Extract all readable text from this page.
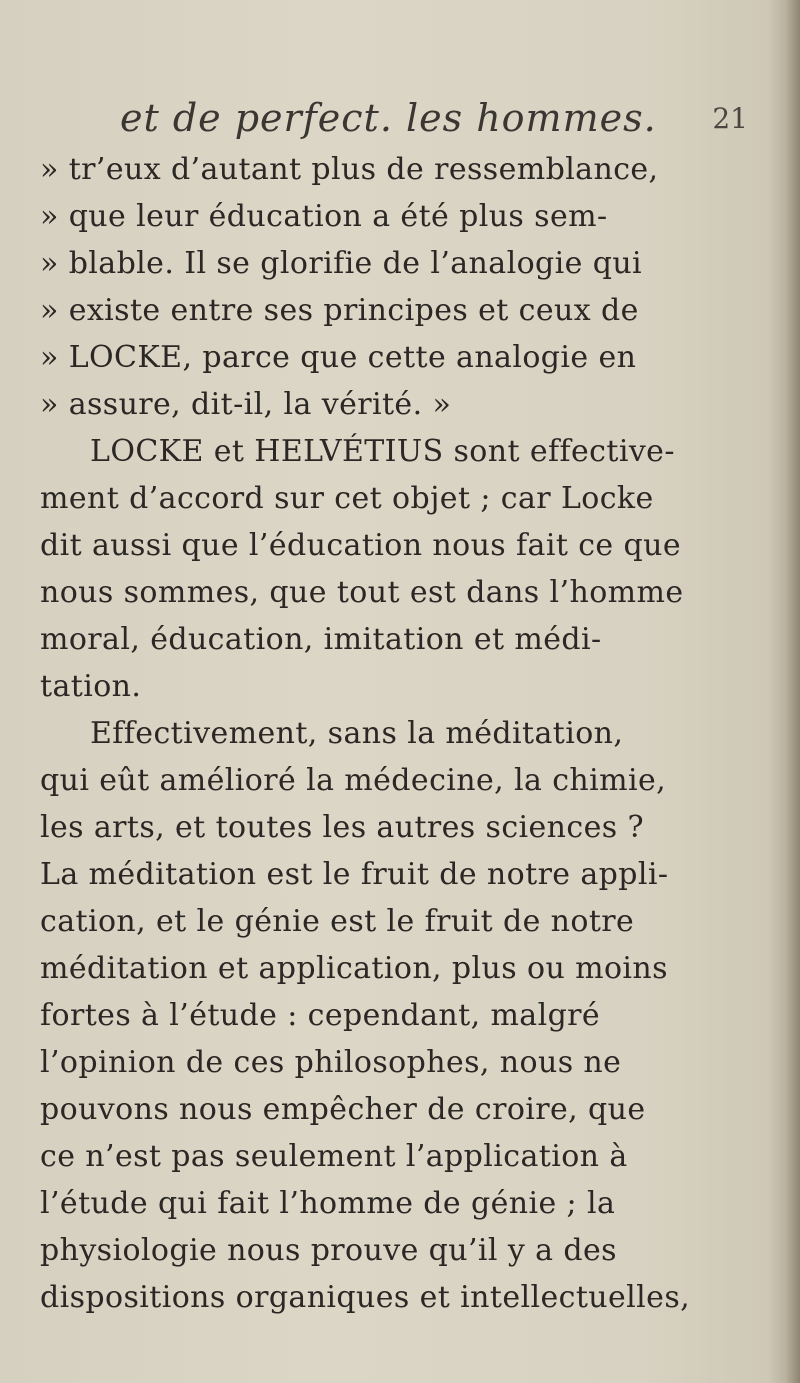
et de perfect. les hommes. 21
» tr’eux d’autant plus de ressemblance,
» que leur éducation a été plus sem-
» blable. Il se glorifie de l’analogie qui
» existe entre ses principes et ceux de
» LOCKE, parce que cette analogie en
» assure, dit-il, la vérité. »
LOCKE et HELVÉTIUS sont effective-
ment d’accord sur cet objet ; car Locke
dit aussi que l’éducation nous fait ce que
nous sommes, que tout est dans l’homme
moral, éducation, imitation et médi-
tation.
Effectivement, sans la méditation,
qui eût amélioré la médecine, la chimie,
les arts, et toutes les autres sciences ?
La méditation est le fruit de notre appli-
cation, et le génie est le fruit de notre
méditation et application, plus ou moins
fortes à l’étude : cependant, malgré
l’opinion de ces philosophes, nous ne
pouvons nous empêcher de croire, que
ce n’est pas seulement l’application à
l’étude qui fait l’homme de génie ; la
physiologie nous prouve qu’il y a des
dispositions organiques et intellectuelles,
